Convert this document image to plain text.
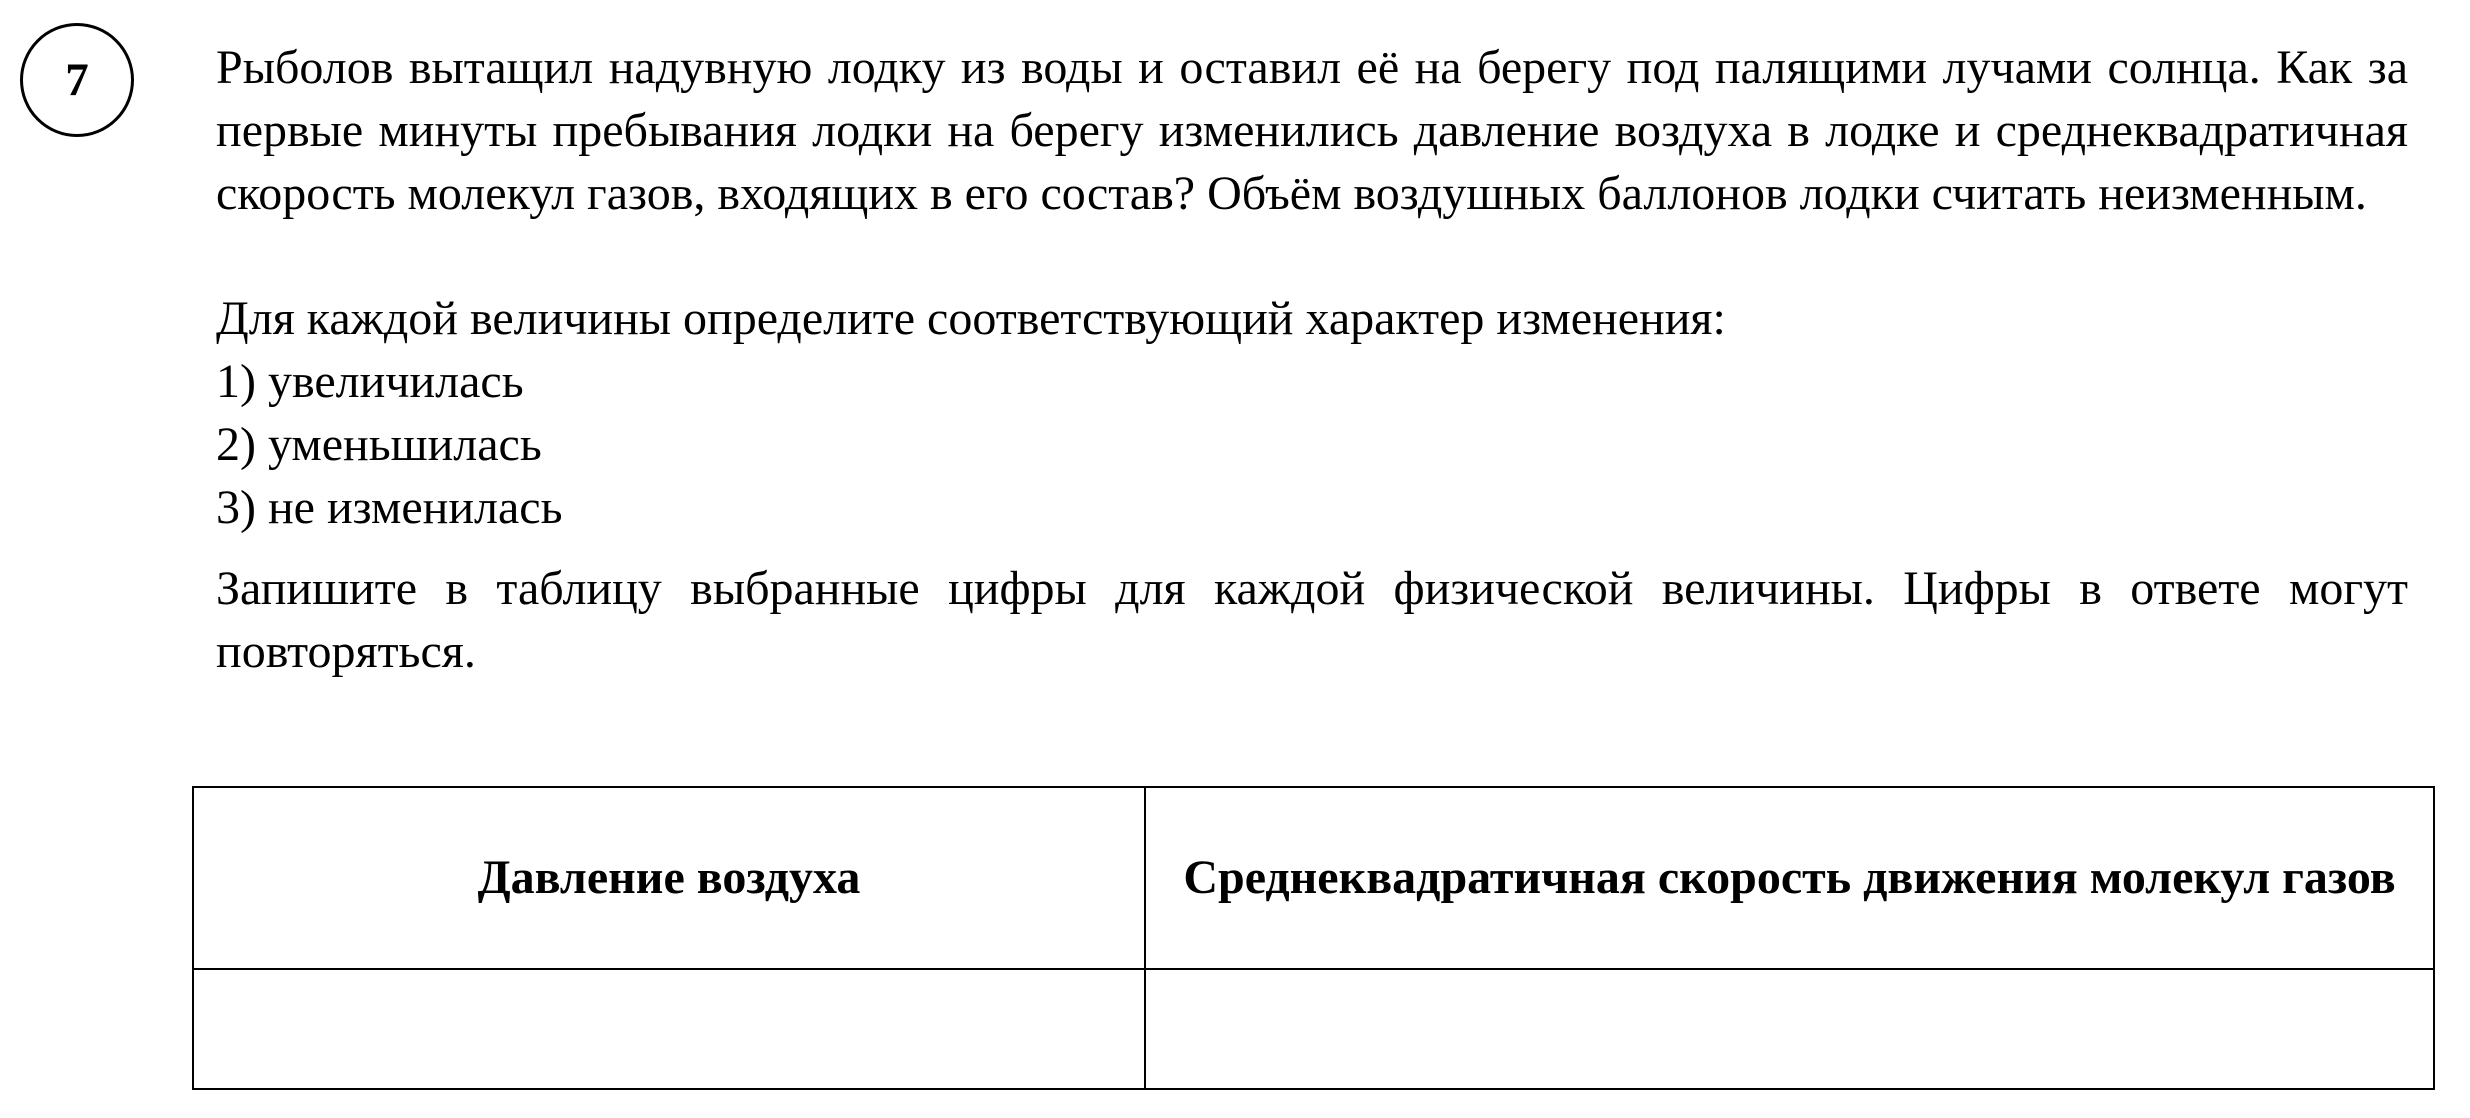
7	Рыболов вытащил надувную лодку из воды и оставил её на берегу под палящими лучами солнца. Как за первые минуты пребывания лодки на берегу изменились давление воздуха в лодке и среднеквадратичная скорость молекул газов, входящих в его состав? Объём воздушных баллонов лодки считать неизменным.

Для каждой величины определите соответствующий характер изменения:

1) увеличилась

2) уменьшилась

3) не изменилась

Запишите в таблицу выбранные цифры для каждой физической величины. Цифры в ответе могут повторяться.

Давление воздуха	Среднеквадратичная скорость движения молекул газов
